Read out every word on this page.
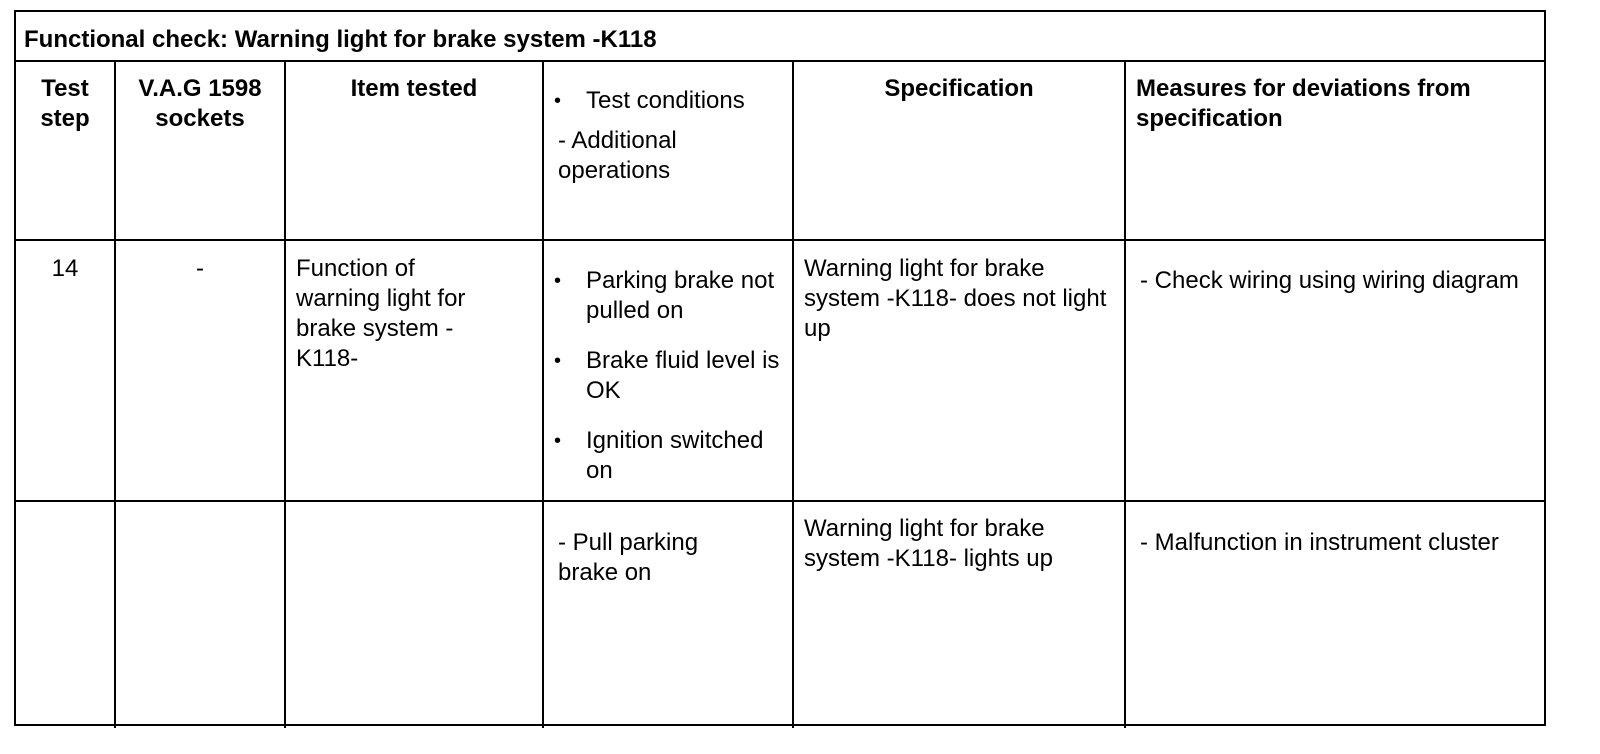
Functional check: Warning light for brake system -K118
Test step
V.A.G 1598 sockets
Item tested
•	Test conditions
- Additional operations
Specification	Measures for deviations from specification
14	-	Function of warning light for brake system -K118-
• Parking brake not pulled on
• Brake fluid level is OK
• Ignition switched on
Warning light for brake system -K118- does not light up
- Check wiring using wiring diagram
- Pull parking brake on
Warning light for brake system -K118- lights up
- Malfunction in instrument cluster
